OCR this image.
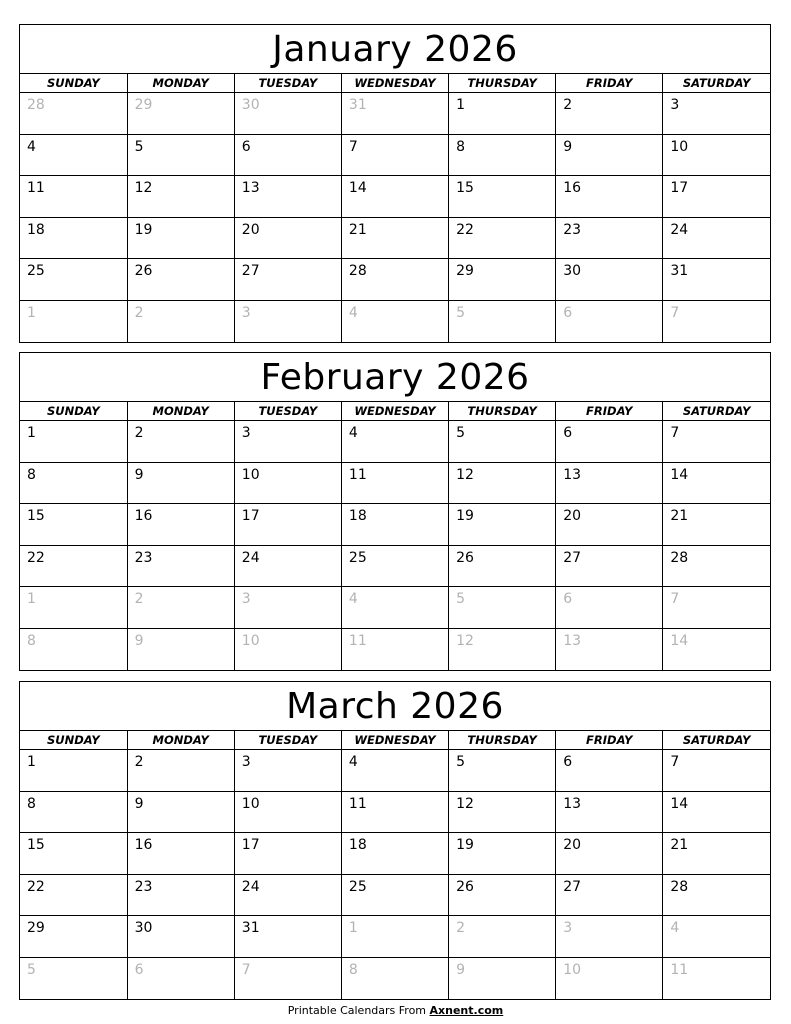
January 2026
SUNDAY	MONDAY	TUESDAY	WEDNESDAY	THURSDAY	FRIDAY	SATURDAY
28	29	30	31	1	2	3
4	5	6	7	8	9	10
11	12	13	14	15	16	17
18	19	20	21	22	23	24
25	26	27	28	29	30	31
1	2	3	4	5	6	7
February 2026
SUNDAY	MONDAY	TUESDAY	WEDNESDAY	THURSDAY	FRIDAY	SATURDAY
1	2	3	4	5	6	7
8	9	10	11	12	13	14
15	16	17	18	19	20	21
22	23	24	25	26	27	28
1	2	3	4	5	6	7
8	9	10	11	12	13	14
March 2026
SUNDAY	MONDAY	TUESDAY	WEDNESDAY	THURSDAY	FRIDAY	SATURDAY
1	2	3	4	5	6	7
8	9	10	11	12	13	14
15	16	17	18	19	20	21
22	23	24	25	26	27	28
29	30	31	1	2	3	4
5	6	7	8	9	10	11
Printable Calendars From Axnent.com
